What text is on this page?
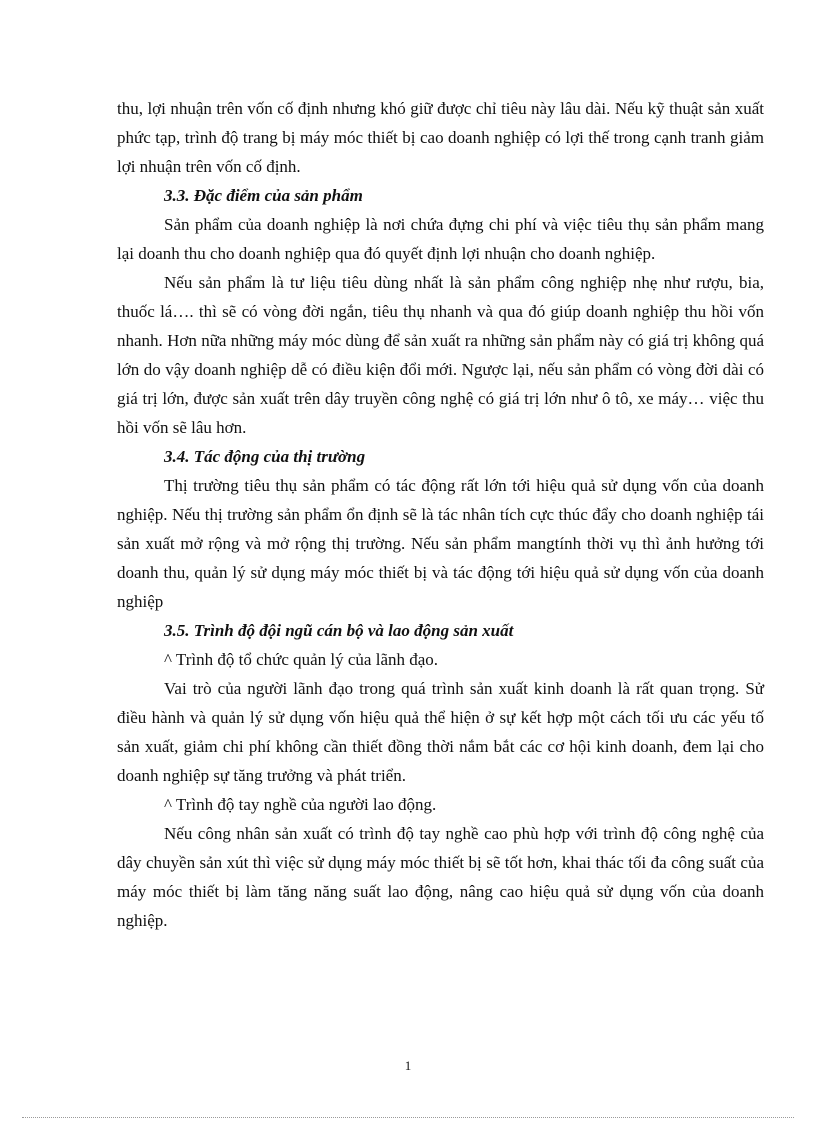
thu, lợi nhuận trên vốn cố định nhưng khó giữ được chỉ tiêu này lâu dài. Nếu kỹ thuật sản xuất phức tạp, trình độ trang bị máy móc thiết bị cao doanh nghiệp có lợi thế trong cạnh tranh giảm lợi nhuận trên vốn cố định.

3.3. Đặc điểm của sản phẩm

Sản phẩm của doanh nghiệp là nơi chứa đựng chi phí và việc tiêu thụ sản phẩm mang lại doanh thu cho doanh nghiệp qua đó quyết định lợi nhuận cho doanh nghiệp.

Nếu sản phẩm là tư liệu tiêu dùng nhất là sản phẩm công nghiệp nhẹ như rượu, bia, thuốc lá…. thì sẽ có vòng đời ngắn, tiêu thụ nhanh và qua đó giúp doanh nghiệp thu hồi vốn nhanh. Hơn nữa những máy móc dùng để sản xuất ra những sản phẩm này có giá trị không quá lớn do vậy doanh nghiệp dễ có điều kiện đổi mới. Ngược lại, nếu sản phẩm có vòng đời dài có giá trị lớn, được sản xuất trên dây truyền công nghệ có giá trị lớn như ô tô, xe máy… việc thu hồi vốn sẽ lâu hơn.

3.4. Tác động của thị trường

Thị trường tiêu thụ sản phẩm có tác động rất lớn tới hiệu quả sử dụng vốn của doanh nghiệp. Nếu thị trường sản phẩm ổn định sẽ là tác nhân tích cực thúc đẩy cho doanh nghiệp tái sản xuất mở rộng và mở rộng thị trường. Nếu sản phẩm mangtính thời vụ thì ảnh hưởng tới doanh thu, quản lý sử dụng máy móc thiết bị và tác động tới hiệu quả sử dụng vốn của doanh nghiệp

3.5. Trình độ đội ngũ cán bộ và lao động sản xuất

^ Trình độ tổ chức quản lý của lãnh đạo.

Vai trò của người lãnh đạo trong quá trình sản xuất kinh doanh là rất quan trọng. Sử điều hành và quản lý sử dụng vốn hiệu quả thể hiện ở sự kết hợp một cách tối ưu các yếu tố sản xuất, giảm chi phí không cần thiết đồng thời nắm bắt các cơ hội kinh doanh, đem lại cho doanh nghiệp sự tăng trưởng và phát triển.

^ Trình độ tay nghề của người lao động.

Nếu công nhân sản xuất có trình độ tay nghề cao phù hợp với trình độ công nghệ của dây chuyền sản xút thì việc sử dụng máy móc thiết bị sẽ tốt hơn, khai thác tối đa công suất của máy móc thiết bị làm tăng năng suất lao động, nâng cao hiệu quả sử dụng vốn của doanh nghiệp.

1
